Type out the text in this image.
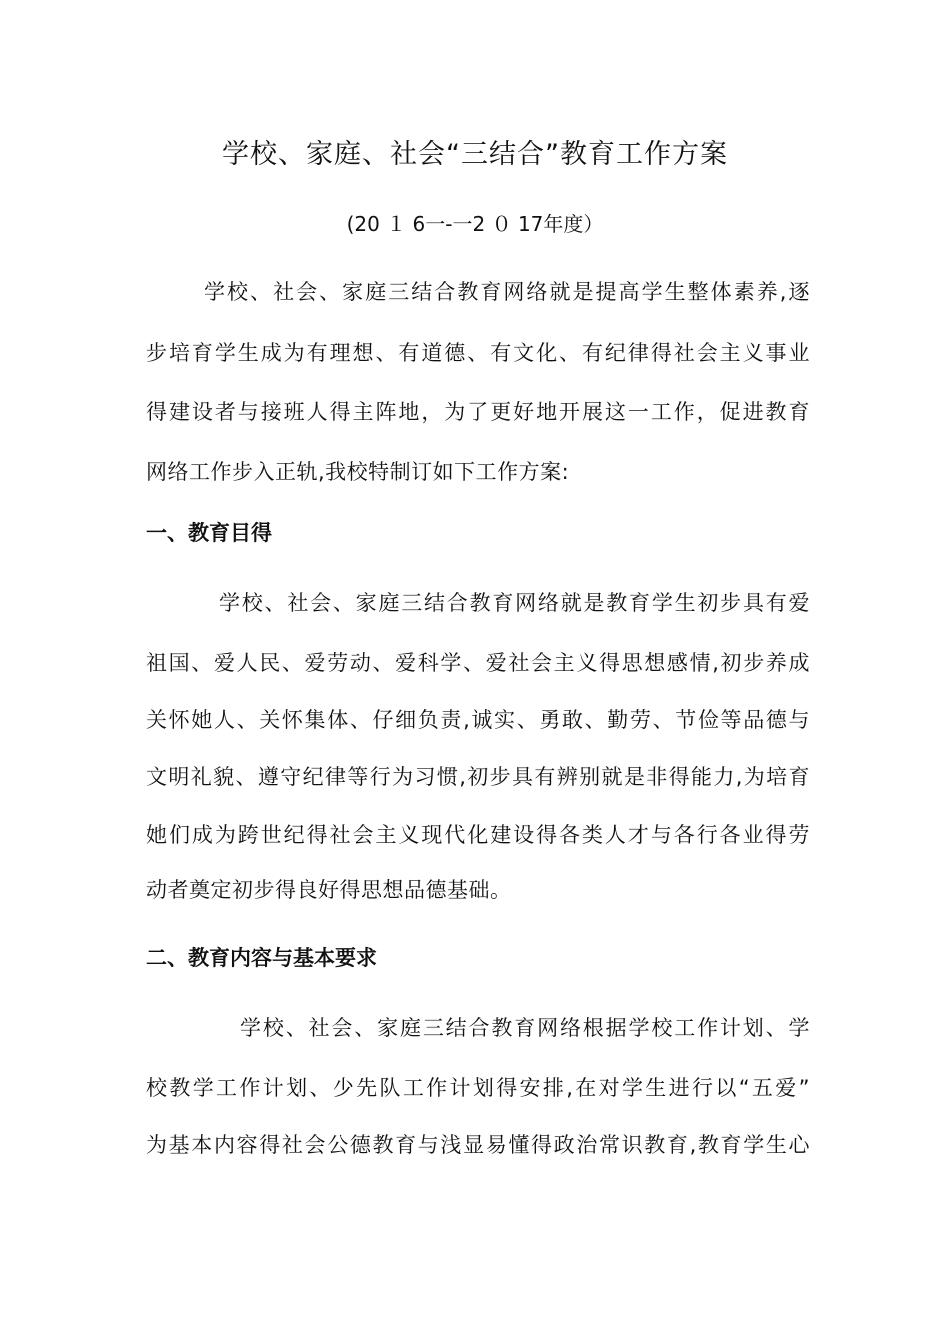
学校、家庭、社会“三结合”教育工作方案
(20 １ 6一-一2 ０ 17年度）
学校、社会、家庭三结合教育网络就是提高学生整体素养,逐
步培育学生成为有理想、有道德、有文化、有纪律得社会主义事业
得建设者与接班人得主阵地，为了更好地开展这一工作，促进教育
网络工作步入正轨,我校特制订如下工作方案:
一、教育目得
学校、社会、家庭三结合教育网络就是教育学生初步具有爱
祖国、爱人民、爱劳动、爱科学、爱社会主义得思想感情,初步养成
关怀她人、关怀集体、仔细负责,诚实、勇敢、勤劳、节俭等品德与
文明礼貌、遵守纪律等行为习惯,初步具有辨别就是非得能力,为培育
她们成为跨世纪得社会主义现代化建设得各类人才与各行各业得劳
动者奠定初步得良好得思想品德基础。
二、教育内容与基本要求
学校、社会、家庭三结合教育网络根据学校工作计划、学
校教学工作计划、少先队工作计划得安排,在对学生进行以“五爱”
为基本内容得社会公德教育与浅显易懂得政治常识教育,教育学生心
